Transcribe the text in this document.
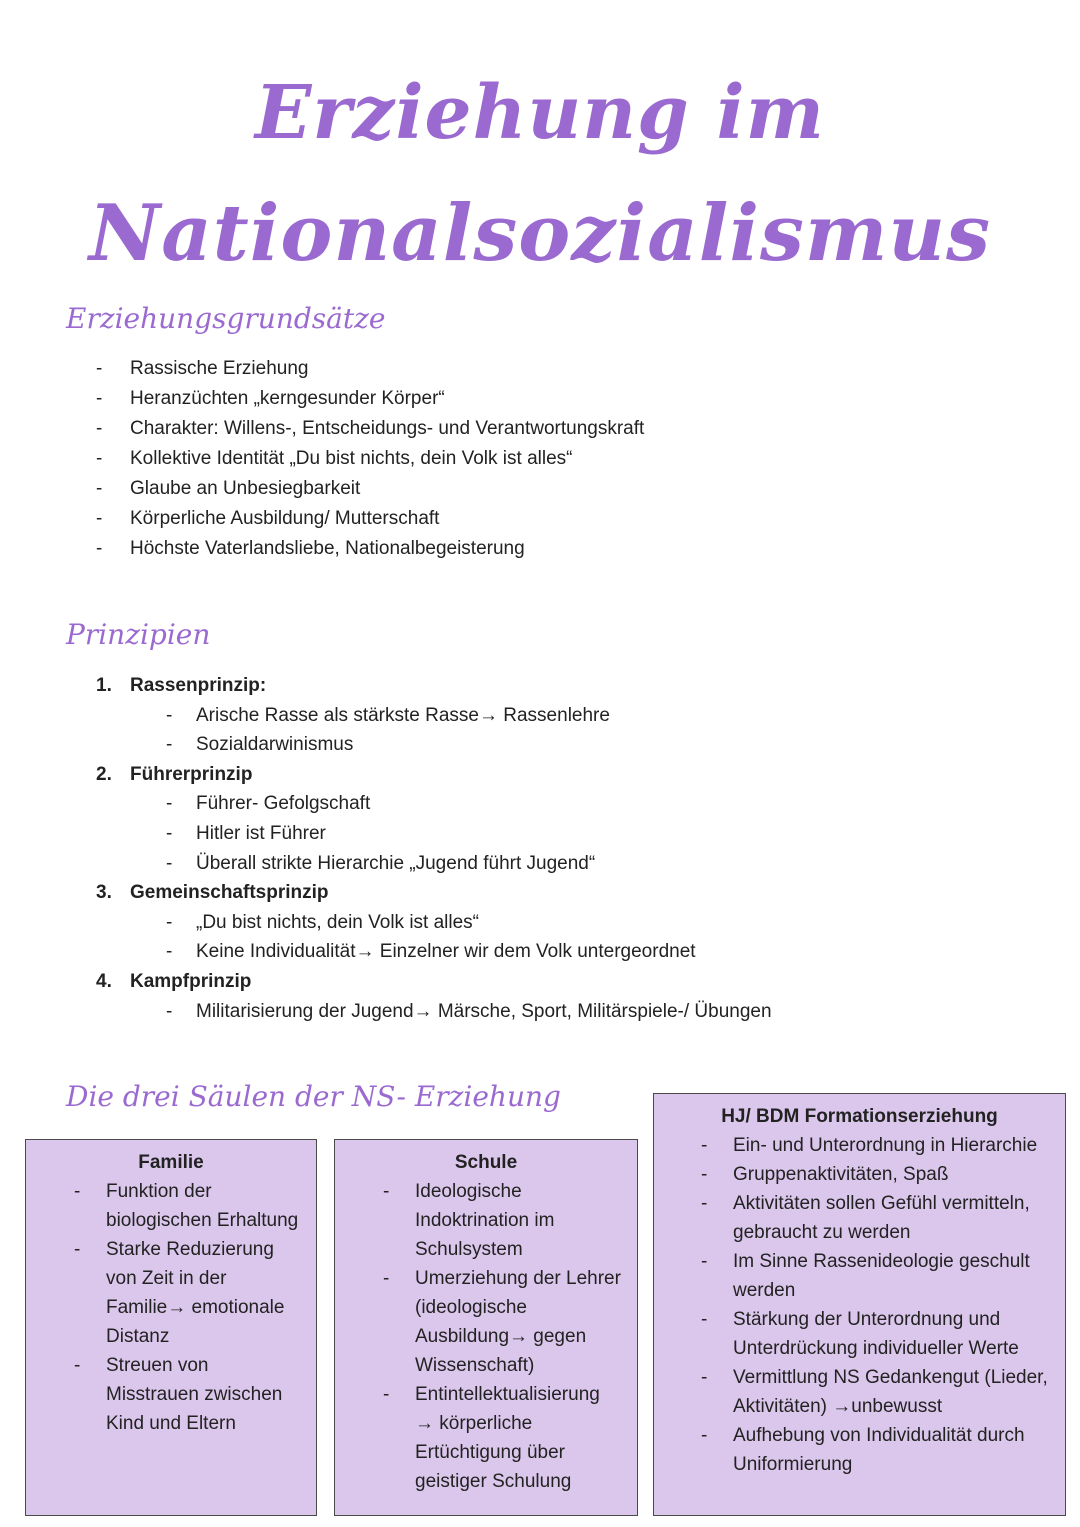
Erziehung im
Nationalsozialismus
Erziehungsgrundsätze
- Rassische Erziehung
- Heranzüchten „kerngesunder Körper“
- Charakter: Willens-, Entscheidungs- und Verantwortungskraft
- Kollektive Identität „Du bist nichts, dein Volk ist alles“
- Glaube an Unbesiegbarkeit
- Körperliche Ausbildung/ Mutterschaft
- Höchste Vaterlandsliebe, Nationalbegeisterung
Prinzipien
1. Rassenprinzip:
- Arische Rasse als stärkste Rasse→ Rassenlehre
- Sozialdarwinismus
2. Führerprinzip
- Führer- Gefolgschaft
- Hitler ist Führer
- Überall strikte Hierarchie „Jugend führt Jugend“
3. Gemeinschaftsprinzip
- „Du bist nichts, dein Volk ist alles“
- Keine Individualität→ Einzelner wir dem Volk untergeordnet
4. Kampfprinzip
- Militarisierung der Jugend→ Märsche, Sport, Militärspiele-/ Übungen
Die drei Säulen der NS- Erziehung
Familie
- Funktion der biologischen Erhaltung
- Starke Reduzierung von Zeit in der Familie→ emotionale Distanz
- Streuen von Misstrauen zwischen Kind und Eltern
Schule
- Ideologische Indoktrination im Schulsystem
- Umerziehung der Lehrer (ideologische Ausbildung→ gegen Wissenschaft)
- Entintellektualisierung → körperliche Ertüchtigung über geistiger Schulung
HJ/ BDM Formationserziehung
- Ein- und Unterordnung in Hierarchie
- Gruppenaktivitäten, Spaß
- Aktivitäten sollen Gefühl vermitteln, gebraucht zu werden
- Im Sinne Rassenideologie geschult werden
- Stärkung der Unterordnung und Unterdrückung individueller Werte
- Vermittlung NS Gedankengut (Lieder, Aktivitäten) →unbewusst
- Aufhebung von Individualität durch Uniformierung
